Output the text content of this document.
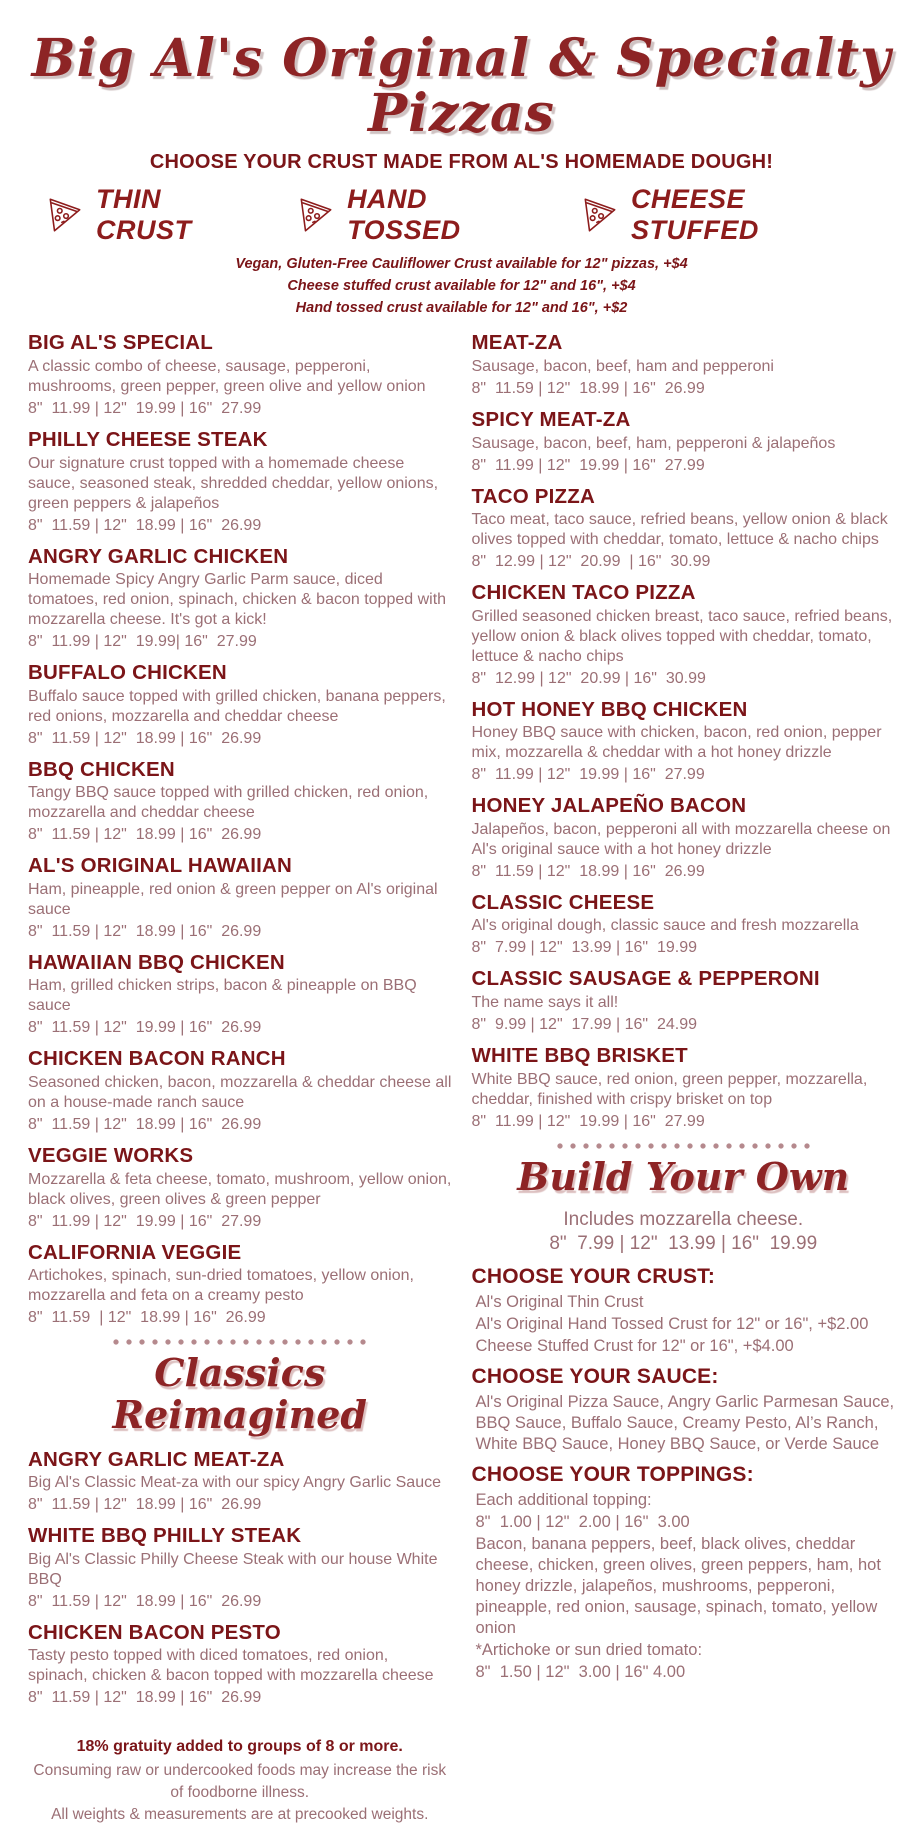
Big Al's Original & Specialty Pizzas
CHOOSE YOUR CRUST MADE FROM AL'S HOMEMADE DOUGH!
THIN CRUST
HAND TOSSED
CHEESE STUFFED
Vegan, Gluten-Free Cauliflower Crust available for 12" pizzas, +$4
Cheese stuffed crust available for 12" and 16", +$4
Hand tossed crust available for 12" and 16", +$2
BIG AL'S SPECIAL

A classic combo of cheese, sausage, pepperoni, mushrooms, green pepper, green olive and yellow onion

8"  11.99 | 12"  19.99 | 16"  27.99

PHILLY CHEESE STEAK

Our signature crust topped with a homemade cheese sauce, seasoned steak, shredded cheddar, yellow onions, green peppers & jalapeños

8"  11.59 | 12"  18.99 | 16"  26.99

ANGRY GARLIC CHICKEN

Homemade Spicy Angry Garlic Parm sauce, diced tomatoes, red onion, spinach, chicken & bacon topped with mozzarella cheese. It's got a kick!

8"  11.99 | 12"  19.99| 16"  27.99

BUFFALO CHICKEN

Buffalo sauce topped with grilled chicken, banana peppers, red onions, mozzarella and cheddar cheese

8"  11.59 | 12"  18.99 | 16"  26.99

BBQ CHICKEN

Tangy BBQ sauce topped with grilled chicken, red onion, mozzarella and cheddar cheese

8"  11.59 | 12"  18.99 | 16"  26.99

AL'S ORIGINAL HAWAIIAN

Ham, pineapple, red onion & green pepper on Al's original sauce

8"  11.59 | 12"  18.99 | 16"  26.99

HAWAIIAN BBQ CHICKEN

Ham, grilled chicken strips, bacon & pineapple on BBQ sauce

8"  11.59 | 12"  19.99 | 16"  26.99

CHICKEN BACON RANCH

Seasoned chicken, bacon, mozzarella & cheddar cheese all on a house-made ranch sauce

8"  11.59 | 12"  18.99 | 16"  26.99

VEGGIE WORKS

Mozzarella & feta cheese, tomato, mushroom, yellow onion, black olives, green olives & green pepper

8"  11.99 | 12"  19.99 | 16"  27.99

CALIFORNIA VEGGIE

Artichokes, spinach, sun-dried tomatoes, yellow onion, mozzarella and feta on a creamy pesto

8"  11.59  | 12"  18.99 | 16"  26.99

Classics Reimagined
ANGRY GARLIC MEAT-ZA

Big Al's Classic Meat-za with our spicy Angry Garlic Sauce

8"  11.59 | 12"  18.99 | 16"  26.99

WHITE BBQ PHILLY STEAK

Big Al's Classic Philly Cheese Steak with our house White BBQ

8"  11.59 | 12"  18.99 | 16"  26.99

CHICKEN BACON PESTO

Tasty pesto topped with diced tomatoes, red onion, spinach, chicken & bacon topped with mozzarella cheese

8"  11.59 | 12"  18.99 | 16"  26.99

18% gratuity added to groups of 8 or more.

Consuming raw or undercooked foods may increase the risk of foodborne illness.

All weights & measurements are at precooked weights.

MEAT-ZA

Sausage, bacon, beef, ham and pepperoni

8"  11.59 | 12"  18.99 | 16"  26.99

SPICY MEAT-ZA

Sausage, bacon, beef, ham, pepperoni & jalapeños

8"  11.99 | 12"  19.99 | 16"  27.99

TACO PIZZA

Taco meat, taco sauce, refried beans, yellow onion & black olives topped with cheddar, tomato, lettuce & nacho chips

8"  12.99 | 12"  20.99  | 16"  30.99

CHICKEN TACO PIZZA

Grilled seasoned chicken breast, taco sauce, refried beans, yellow onion & black olives topped with cheddar, tomato, lettuce & nacho chips

8"  12.99 | 12"  20.99 | 16"  30.99

HOT HONEY BBQ CHICKEN

Honey BBQ sauce with chicken, bacon, red onion, pepper mix, mozzarella & cheddar with a hot honey drizzle

8"  11.99 | 12"  19.99 | 16"  27.99

HONEY JALAPEÑO BACON

Jalapeños, bacon, pepperoni all with mozzarella cheese on Al's original sauce with a hot honey drizzle

8"  11.59 | 12"  18.99 | 16"  26.99

CLASSIC CHEESE

Al's original dough, classic sauce and fresh mozzarella

8"  7.99 | 12"  13.99 | 16"  19.99

CLASSIC SAUSAGE & PEPPERONI

The name says it all!

8"  9.99 | 12"  17.99 | 16"  24.99

WHITE BBQ BRISKET

White BBQ sauce, red onion, green pepper, mozzarella, cheddar, finished with crispy brisket on top

8"  11.99 | 12"  19.99 | 16"  27.99

Build Your Own

Includes mozzarella cheese.

8"  7.99 | 12"  13.99 | 16"  19.99

CHOOSE YOUR CRUST:
Al's Original Thin Crust
Al's Original Hand Tossed Crust for 12" or 16", +$2.00
Cheese Stuffed Crust for 12" or 16", +$4.00
CHOOSE YOUR SAUCE:
Al's Original Pizza Sauce, Angry Garlic Parmesan Sauce, BBQ Sauce, Buffalo Sauce, Creamy Pesto, Al’s Ranch, White BBQ Sauce, Honey BBQ Sauce, or Verde Sauce
CHOOSE YOUR TOPPINGS:
Each additional topping:
8"  1.00 | 12"  2.00 | 16"  3.00
Bacon, banana peppers, beef, black olives, cheddar cheese, chicken, green olives, green peppers, ham, hot honey drizzle, jalapeños, mushrooms, pepperoni, pineapple, red onion, sausage, spinach, tomato, yellow onion
*Artichoke or sun dried tomato:
8"  1.50 | 12"  3.00 | 16" 4.00
